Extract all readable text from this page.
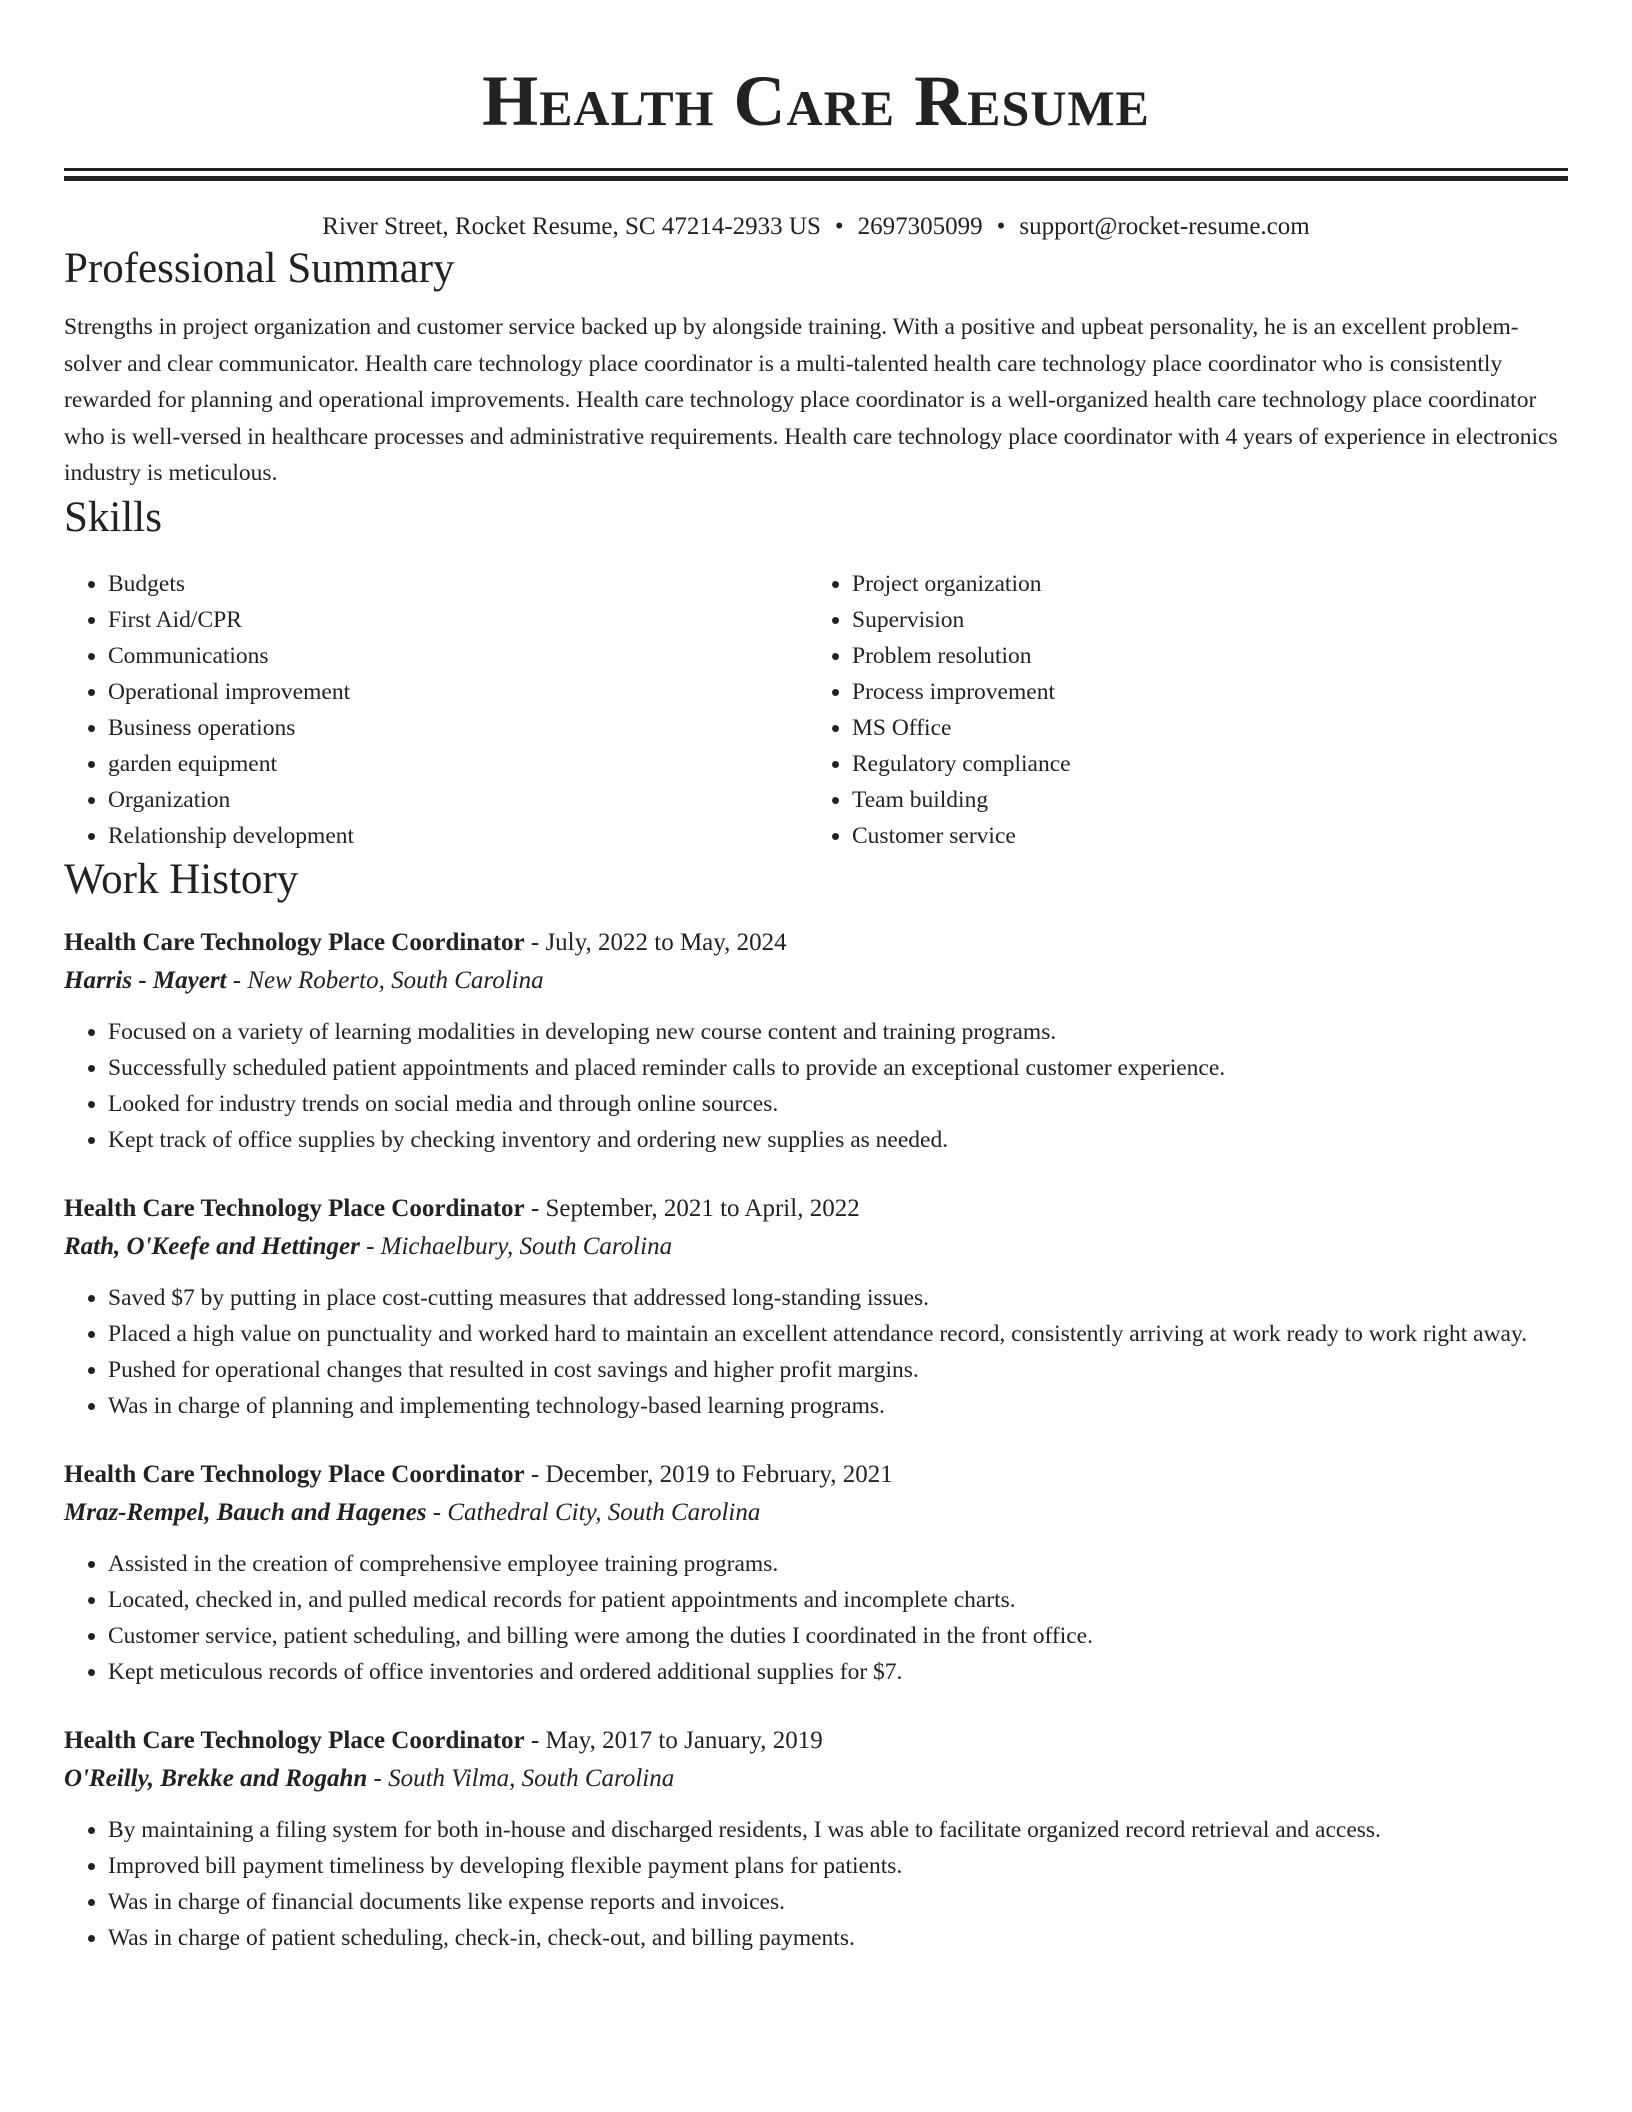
Health Care Resume
River Street, Rocket Resume, SC 47214-2933 US • 2697305099 • support@rocket-resume.com
Professional Summary

Strengths in project organization and customer service backed up by alongside training. With a positive and upbeat personality, he is an excellent problem-solver and clear communicator. Health care technology place coordinator is a multi-talented health care technology place coordinator who is consistently rewarded for planning and operational improvements. Health care technology place coordinator is a well-organized health care technology place coordinator who is well-versed in healthcare processes and administrative requirements. Health care technology place coordinator with 4 years of experience in electronics industry is meticulous.

Skills
• Budgets
• First Aid/CPR
• Communications
• Operational improvement
• Business operations
• garden equipment
• Organization
• Relationship development
• Project organization
• Supervision
• Problem resolution
• Process improvement
• MS Office
• Regulatory compliance
• Team building
• Customer service
Work History
Health Care Technology Place Coordinator - July, 2022 to May, 2024
Harris - Mayert - New Roberto, South Carolina
• Focused on a variety of learning modalities in developing new course content and training programs.
• Successfully scheduled patient appointments and placed reminder calls to provide an exceptional customer experience.
• Looked for industry trends on social media and through online sources.
• Kept track of office supplies by checking inventory and ordering new supplies as needed.
Health Care Technology Place Coordinator - September, 2021 to April, 2022
Rath, O'Keefe and Hettinger - Michaelbury, South Carolina
• Saved $7 by putting in place cost-cutting measures that addressed long-standing issues.
• Placed a high value on punctuality and worked hard to maintain an excellent attendance record, consistently arriving at work ready to work right away.
• Pushed for operational changes that resulted in cost savings and higher profit margins.
• Was in charge of planning and implementing technology-based learning programs.
Health Care Technology Place Coordinator - December, 2019 to February, 2021
Mraz-Rempel, Bauch and Hagenes - Cathedral City, South Carolina
• Assisted in the creation of comprehensive employee training programs.
• Located, checked in, and pulled medical records for patient appointments and incomplete charts.
• Customer service, patient scheduling, and billing were among the duties I coordinated in the front office.
• Kept meticulous records of office inventories and ordered additional supplies for $7.
Health Care Technology Place Coordinator - May, 2017 to January, 2019
O'Reilly, Brekke and Rogahn - South Vilma, South Carolina
• By maintaining a filing system for both in-house and discharged residents, I was able to facilitate organized record retrieval and access.
• Improved bill payment timeliness by developing flexible payment plans for patients.
• Was in charge of financial documents like expense reports and invoices.
• Was in charge of patient scheduling, check-in, check-out, and billing payments.
